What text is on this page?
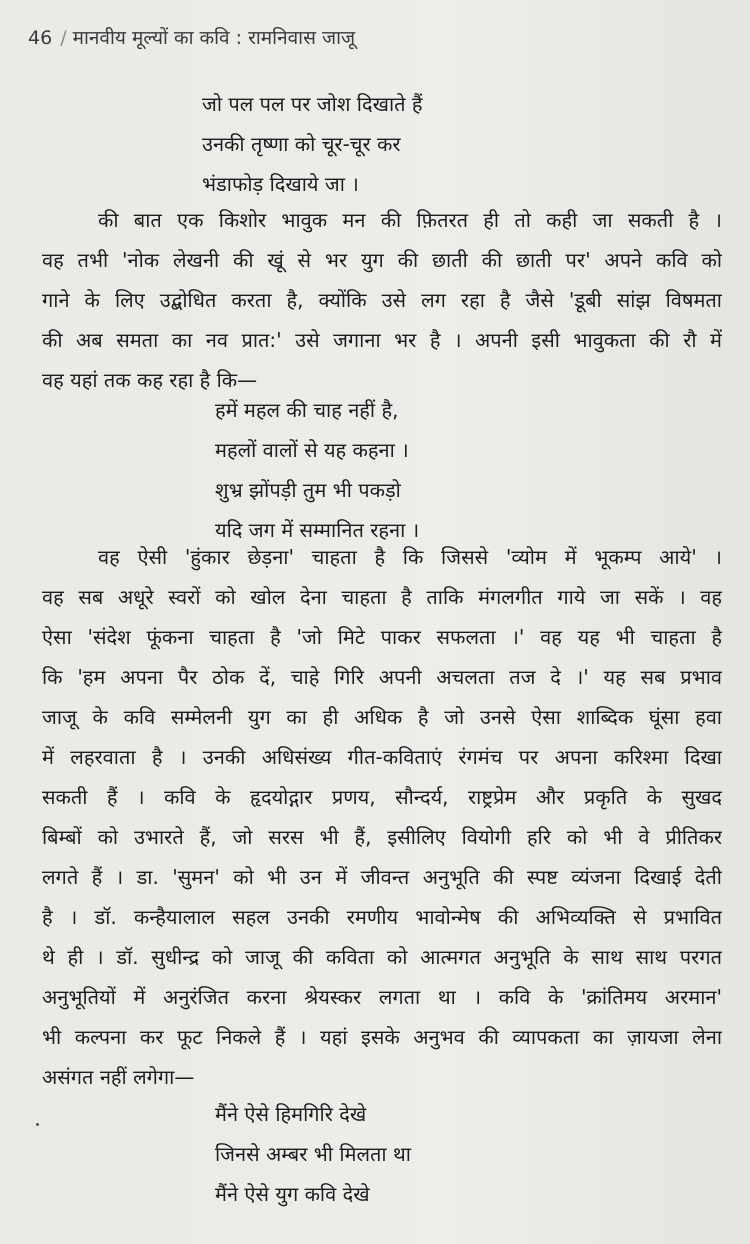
46 / मानवीय मूल्यों का कवि : रामनिवास जाजू
जो पल पल पर जोश दिखाते हैं
उनकी तृष्णा को चूर-चूर कर
भंडाफोड़ दिखाये जा ।
की बात एक किशोर भावुक मन की फ़ितरत ही तो कही जा सकती है ।
वह तभी 'नोक लेखनी की खूं से भर युग की छाती की छाती पर' अपने कवि को
गाने के लिए उद्बोधित करता है, क्योंकि उसे लग रहा है जैसे 'डूबी सांझ विषमता
की अब समता का नव प्रात:' उसे जगाना भर है । अपनी इसी भावुकता की रौ में
वह यहां तक कह रहा है कि—
हमें महल की चाह नहीं है,
महलों वालों से यह कहना ।
शुभ्र झोंपड़ी तुम भी पकड़ो
यदि जग में सम्मानित रहना ।
वह ऐसी 'हुंकार छेड़ना' चाहता है कि जिससे 'व्योम में भूकम्प आये' ।
वह सब अधूरे स्वरों को खोल देना चाहता है ताकि मंगलगीत गाये जा सकें । वह
ऐसा 'संदेश फूंकना चाहता है 'जो मिटे पाकर सफलता ।' वह यह भी चाहता है
कि 'हम अपना पैर ठोक दें, चाहे गिरि अपनी अचलता तज दे ।' यह सब प्रभाव
जाजू के कवि सम्मेलनी युग का ही अधिक है जो उनसे ऐसा शाब्दिक घूंसा हवा
में लहरवाता है । उनकी अधिसंख्य गीत-कविताएं रंगमंच पर अपना करिश्मा दिखा
सकती हैं । कवि के हृदयोद्गार प्रणय, सौन्दर्य, राष्ट्रप्रेम और प्रकृति के सुखद
बिम्बों को उभारते हैं, जो सरस भी हैं, इसीलिए वियोगी हरि को भी वे प्रीतिकर
लगते हैं । डा. 'सुमन' को भी उन में जीवन्त अनुभूति की स्पष्ट व्यंजना दिखाई देती
है । डॉ. कन्हैयालाल सहल उनकी रमणीय भावोन्मेष की अभिव्यक्ति से प्रभावित
थे ही । डॉ. सुधीन्द्र को जाजू की कविता को आत्मगत अनुभूति के साथ साथ परगत
अनुभूतियों में अनुरंजित करना श्रेयस्कर लगता था । कवि के 'क्रांतिमय अरमान'
भी कल्पना कर फूट निकले हैं । यहां इसके अनुभव की व्यापकता का ज़ायजा लेना
असंगत नहीं लगेगा—
मैंने ऐसे हिमगिरि देखे
जिनसे अम्बर भी मिलता था
मैंने ऐसे युग कवि देखे
